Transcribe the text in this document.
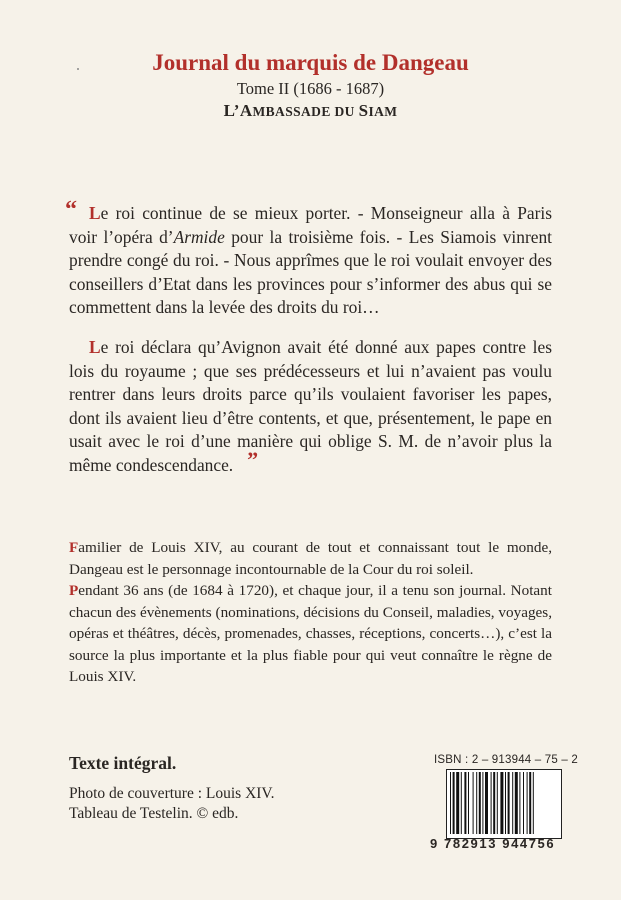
Journal du marquis de Dangeau

Tome II (1686 - 1687)

L’AMBASSADE DU SIAM

“ Le roi continue de se mieux porter. - Monseigneur alla à Paris voir l’opéra d’Armide pour la troisième fois. - Les Siamois vinrent prendre congé du roi. - Nous apprîmes que le roi voulait envoyer des conseillers d’Etat dans les provinces pour s’informer des abus qui se commettent dans la levée des droits du roi…
Le roi déclara qu’Avignon avait été donné aux papes contre les lois du royaume ; que ses prédécesseurs et lui n’avaient pas voulu rentrer dans leurs droits parce qu’ils voulaient favoriser les papes, dont ils avaient lieu d’être contents, et que, présentement, le pape en usait avec le roi d’une manière qui oblige S. M. de n’avoir plus la même condescendance. ”

Familier de Louis XIV, au courant de tout et connaissant tout le monde, Dangeau est le personnage incontournable de la Cour du roi soleil.

Pendant 36 ans (de 1684 à 1720), et chaque jour, il a tenu son journal. Notant chacun des évènements (nominations, décisions du Conseil, maladies, voyages, opéras et théâtres, décès, promenades, chasses, réceptions, concerts…), c’est la source la plus importante et la plus fiable pour qui veut connaître le règne de Louis XIV.

Texte intégral.

Photo de couverture : Louis XIV.
Tableau de Testelin. © edb.

ISBN : 2 – 913944 – 75 – 2
9 782913 944756
